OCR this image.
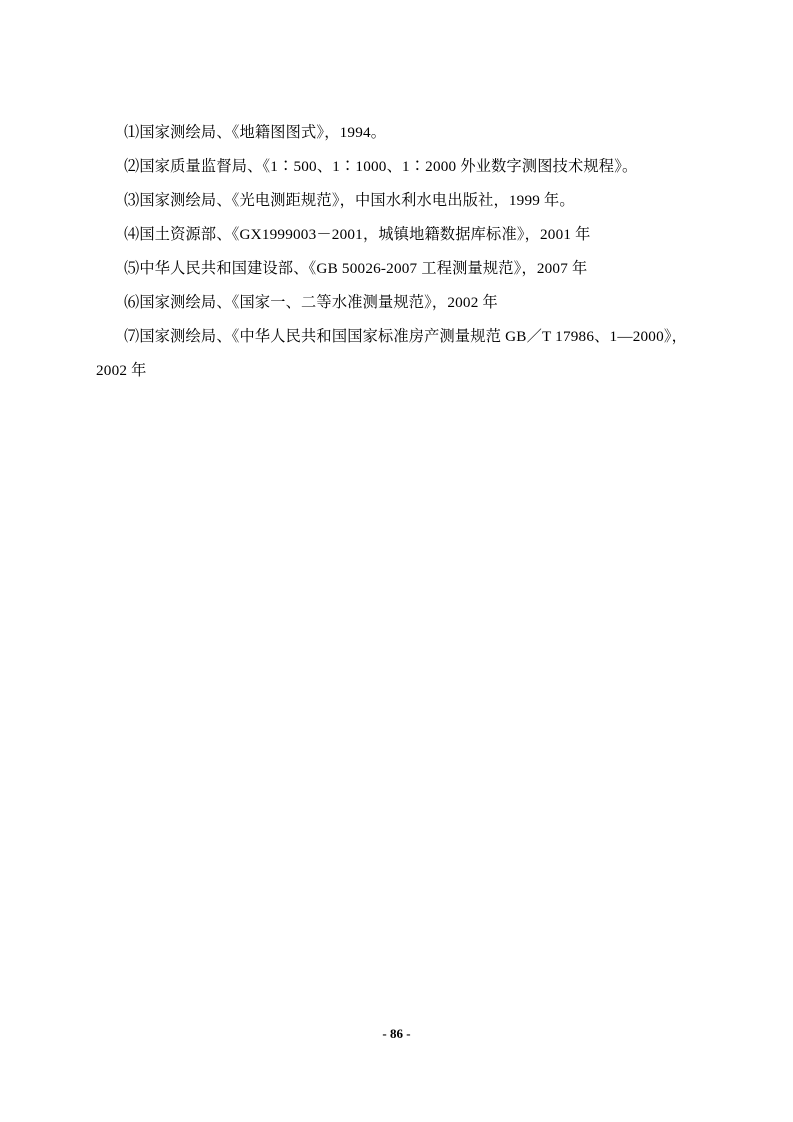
⑴国家测绘局、《地籍图图式》，1994。
⑵国家质量监督局、《1∶500、1∶1000、1∶2000 外业数字测图技术规程》。
⑶国家测绘局、《光电测距规范》，中国水利水电出版社，1999 年。
⑷国土资源部、《GX1999003－2001，城镇地籍数据库标准》，2001 年
⑸中华人民共和国建设部、《GB 50026-2007 工程测量规范》，2007 年
⑹国家测绘局、《国家一、二等水准测量规范》，2002 年
⑺国家测绘局、《中华人民共和国国家标准房产测量规范 GB／T 17986、1—2000》，
2002 年
- 86 -
